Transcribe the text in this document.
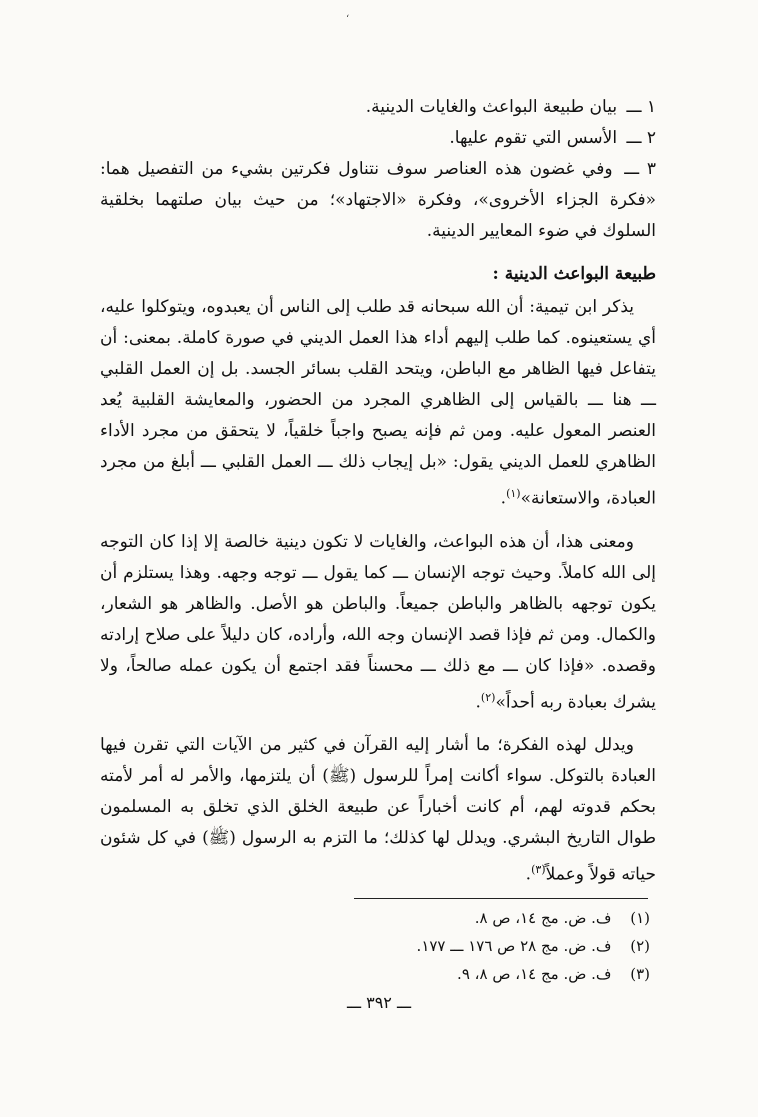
ʻ

١ ـــ بيان طبيعة البواعث والغايات الدينية.

٢ ـــ الأسس التي تقوم عليها.

٣ ـــ وفي غضون هذه العناصر سوف نتناول فكرتين بشيء من التفصيل هما: «فكرة الجزاء الأخروى»، وفكرة «الاجتهاد»؛ من حيث بيان صلتهما بخلقية السلوك في ضوء المعايير الدينية.

طبيعة البواعث الدينية :

يذكر ابن تيمية: أن الله سبحانه قد طلب إلى الناس أن يعبدوه، ويتوكلوا عليه، أي يستعينوه. كما طلب إليهم أداء هذا العمل الديني في صورة كاملة. بمعنى: أن يتفاعل فيها الظاهر مع الباطن، ويتحد القلب بسائر الجسد. بل إن العمل القلبي ـــ هنا ـــ بالقياس إلى الظاهري المجرد من الحضور، والمعايشة القلبية يُعد العنصر المعول عليه. ومن ثم فإنه يصبح واجباً خلقياً، لا يتحقق من مجرد الأداء الظاهري للعمل الديني يقول: «بل إيجاب ذلك ـــ العمل القلبي ـــ أبلغ من مجرد العبادة، والاستعانة»$^{(١)}$.

ومعنى هذا، أن هذه البواعث، والغايات لا تكون دينية خالصة إلا إذا كان التوجه إلى الله كاملاً. وحيث توجه الإنسان ـــ كما يقول ـــ توجه وجهه. وهذا يستلزم أن يكون توجهه بالظاهر والباطن جميعاً. والباطن هو الأصل. والظاهر هو الشعار، والكمال. ومن ثم فإذا قصد الإنسان وجه الله، وأراده، كان دليلاً على صلاح إرادته وقصده. «فإذا كان ـــ مع ذلك ـــ محسناً فقد اجتمع أن يكون عمله صالحاً، ولا يشرك بعبادة ربه أحداً»$^{(٢)}$.

ويدلل لهذه الفكرة؛ ما أشار إليه القرآن في كثير من الآيات التي تقرن فيها العبادة بالتوكل. سواء أكانت إمراً للرسول (ﷺ) أن يلتزمها، والأمر له أمر لأمته بحكم قدوته لهم، أم كانت أخباراً عن طبيعة الخلق الذي تخلق به المسلمون طوال التاريخ البشري. ويدلل لها كذلك؛ ما التزم به الرسول (ﷺ) في كل شئون حياته قولاً وعملاً$^{(٣)}$.

(١) ف. ض. مج ١٤، ص ٨.

(٢) ف. ض. مج ٢٨ ص ١٧٦ ـــ ١٧٧.

(٣) ف. ض. مج ١٤، ص ٨، ٩.

ـــ ٣٩٢ ـــ
